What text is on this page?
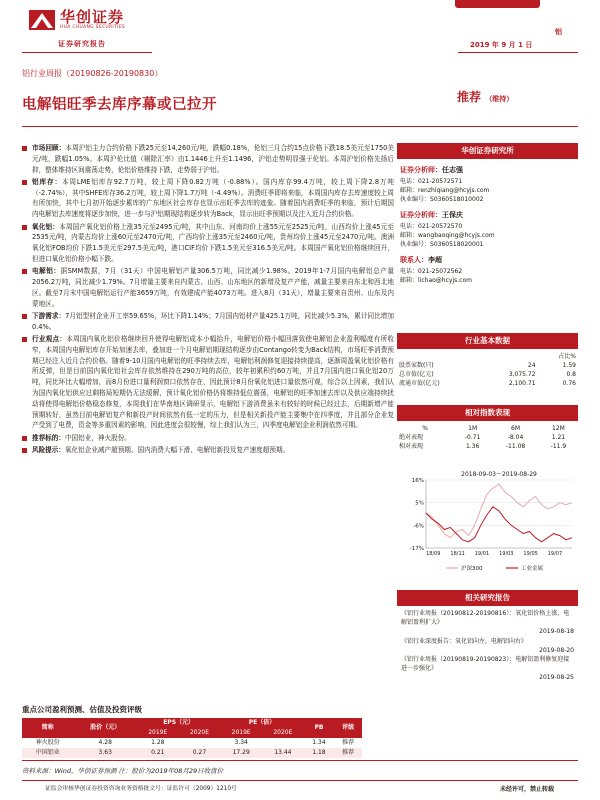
华创证券
HUA CHUANG SECURITIES
证券研究报告
铝
2019 年 9 月 1 日
铝行业周报（20190826-20190830）
电解铝旺季去库序幕或已拉开	推荐 （维持）
市场回顾：本周沪铝主力合约价格下跌25元至14,260元/吨，跌幅0.18%，伦铝三月合约15点价格下跌18.5美元至1750美元/吨，跌幅1.05%。本周沪伦比值（剔除汇率）由1.1446上升至1.1496，沪铝走势明显强于伦铝。本周沪铝价格先扬后抑，整体维持区间震荡走势，伦铝价格维持下跌，走势弱于沪铝。
铝库存：本周LME铝库存92.7万吨，较上周下降0.82万吨（-0.88%）。国内库存99.4万吨，较上周下降2.8万吨（-2.74%），其中SHFE库存36.2万吨，较上周下降1.7万吨（-4.49%）。消费旺季即将来临，本周国内库存去库速度较上周有所加快，其中七月初开始逐步累库的广东地区社会库存也显示出旺季去库的迹象。随着国内消费旺季的来临，预计后期国内电解铝去库速度将逐步加快，进一步与沪铝期现结构逐步转为Back，显示出旺季预期以及注入近月合约价格。
氧化铝：本周国产氧化铝价格上涨35元至2495元/吨，其中山东、河南均价上涨55元至2525元/吨，山西均价上涨45元至2535元/吨，内蒙古均价上涨60元至2470元/吨，广西均价上涨35元至2460元/吨，贵州均价上涨45元至2470元/吨。澳洲氧化铝FOB均价下跌1.5美元至297.5美元/吨，港口CIF均价下跌1.5美元至316.5美元/吨。本周国产氧化铝价格继续回升，但进口氧化铝价格小幅下跌。
电解铝：据SMM数据，7月（31天）中国电解铝产量306.5万吨，同比减少1.98%。2019年1-7月国内电解铝总产量2056.2万吨，同比减少1.79%。7月增量主要来自内蒙古、山西、山东地区的新增及复产产能，减量主要来自东北和西北地区。截至7月末中国电解铝运行产能3659万吨，有效建成产能4073万吨。进入8月（31天），增量主要来自贵州、山东及内蒙地区。
下游需求：7月铝型材企业开工率59.65%，环比下降1.14%；7月国内铝材产量425.1万吨，同比减少5.3%，累计同比增加0.4%。
行业观点：本周国内氧化铝价格继续回升使得电解铝成本小幅抬升，电解铝价格小幅回落致使电解铝企业盈利幅度有所收窄，本周国内电解铝库存开始加速去库，叠加进一个月电解铝期现结构逐步由Contango转变为Back结构，市场旺季消费预期已经注入近月合约价格。随着9-10月国内电解铝的旺季持续去库，电解铝利润修复迎接持续提高，逐渐周盈氧化铝价格有所反弹，但是目前国内氧化铝社会库存依然维持在290万吨的高位，较年初累积约60万吨，并且7月国内进口氧化铝20万吨，同比环比大幅增加，而8月份进口量利润窗口依然存在，因此预计8月份氧化铝进口量依然可观，综合以上因素，我们认为国内氧化铝供应过剩格局短期仍无法缓解，预计氧化铝价格仍将维持低位震荡，电解铝的旺季加速去库以及供应端持续扰动将使得电解铝价格稳态修复，本周我们在华南地区调研显示，电解铝下游消费虽未有较好的时候已经过去，后期新增产能预期转好，虽然目前电解铝复产和新投产时间依然有低一定的压力，但是相关新投产能主要集中在四季度，并且部分企业复产受到了电费，资金等多重因素的影响，因此进度会很较慢，综上我们认为三，四季度电解铝企业利润依然可期。
推荐标的：中国铝业，神火股份。
风险提示：氧化铝企业减产超预期、国内消费大幅下滑、电解铝新投及复产速度超预期。
华创证券研究所
证券分析师：任志强
电话：021-20572571
邮箱：renzhiqiang@hcyjs.com
执业编号：S0360518010002
证券分析师：王保庆
电话：021-20572570
邮箱：wangbaoqing@hcyjs.com
执业编号：S0360518020001
联系人：李超
电话：021-25072562
邮箱：lichao@hcyjs.com
行业基本数据
		占比%
股票家数(只)	24	1.59
总市值(亿元)	3,075.72	0.8
流通市值(亿元)	2,100.71	0.76
相对指数表现
%	1M	6M	12M
绝对表现	-0.71	-8.04	1.21
相对表现	1.36	-11.08	-11.9
2018-09-03～2019-08-29
16%
5%
-6%
-17%
18/09 18/11 19/01 19/03 19/05 19/07
沪深300	工业金属
相关研究报告
《铝行业周报（20190812-20190816）：氧化铝价格上涨，电解铝盈利扩大》
2019-08-18
《铝行业深度报告：氧化铝向左，电解铝向右》
2019-08-20
《铝行业周报（20190819-20190823）：电解铝盈利修复迎接进一步强化》
2019-08-25
重点公司盈利预测、估值及投资评级
简称	股价（元）	EPS（元）		PE（倍）		PB	评级
		2019E	2020E	2019E	2020E		
神火股份	4.28	1.28		3.34		1.34	推荐
中国铝业	3.63	0.21	0.27	17.29	13.44	1.18	推荐
资料来源：Wind，华创证券预测 注：股价为2019年08月29日收盘价
证监会审核华创证券投资咨询业务资格批文号：证监许可（2009）1210号	未经许可，禁止转载
